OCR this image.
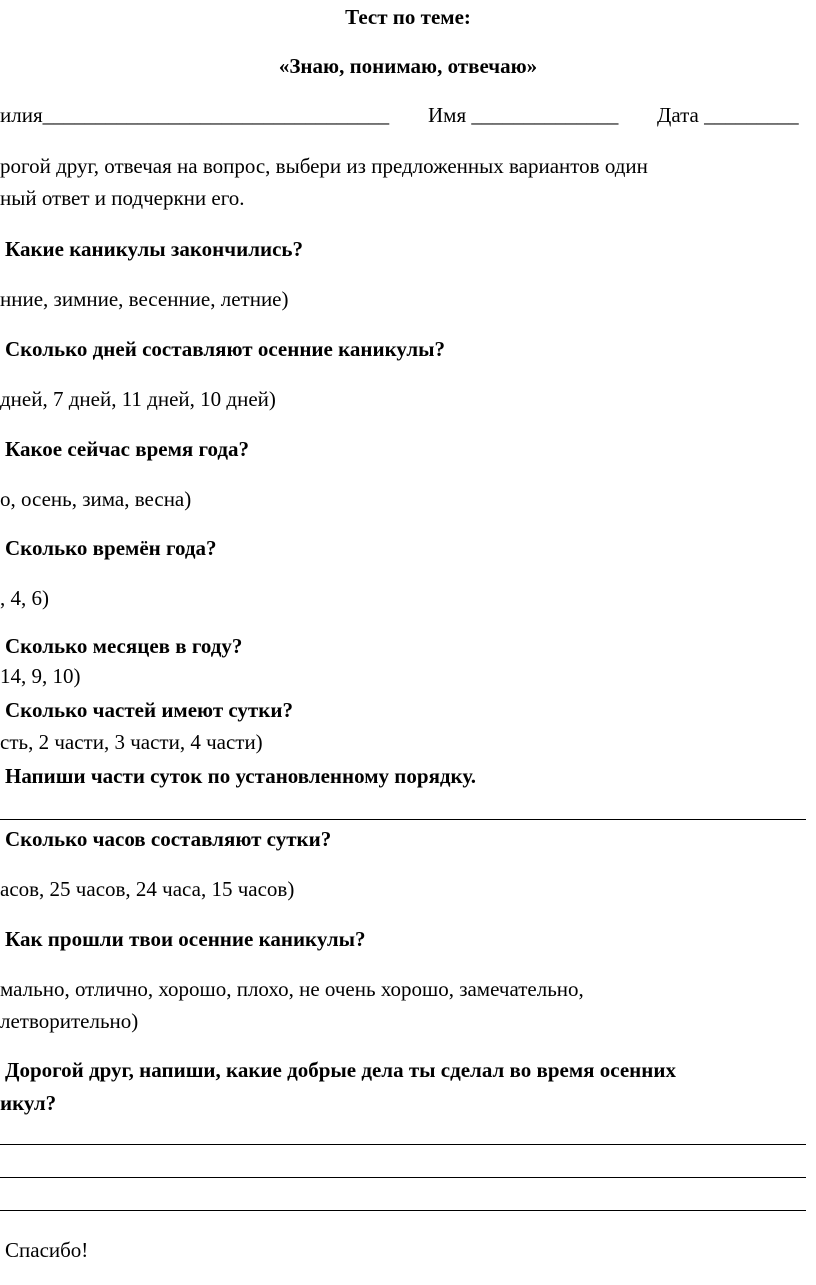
Тест по теме:
«Знаю, понимаю, отвечаю»
илия_________________________________ Имя ______________ Дата _________
рогой друг, отвечая на вопрос, выбери из предложенных вариантов один
ный ответ и подчеркни его.
Какие каникулы закончились?
нние, зимние, весенние, летние)
Сколько дней составляют осенние каникулы?
дней, 7 дней, 11 дней, 10 дней)
Какое сейчас время года?
о, осень, зима, весна)
Сколько времён года?
, 4, 6)
Сколько месяцев в году?
14, 9, 10)
Сколько частей имеют сутки?
сть, 2 части, 3 части, 4 части)
Напиши части суток по установленному порядку.
Сколько часов составляют сутки?
асов, 25 часов, 24 часа, 15 часов)
Как прошли твои осенние каникулы?
мально, отлично, хорошо, плохо, не очень хорошо, замечательно,
летворительно)
Дорогой друг, напиши, какие добрые дела ты сделал во время осенних
икул?
Спасибо!
